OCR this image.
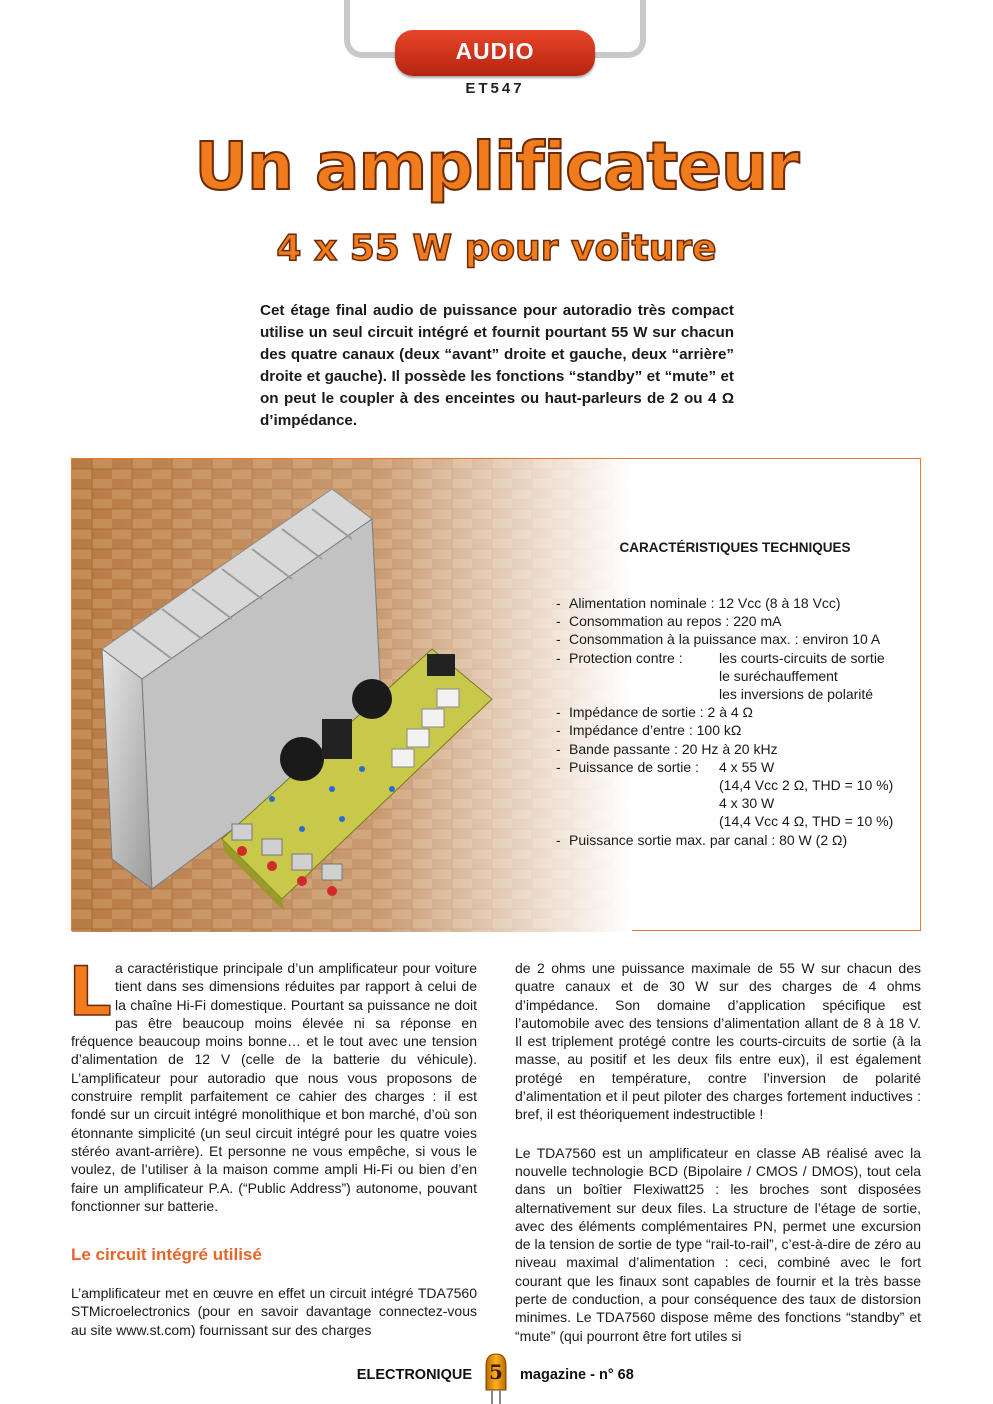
AUDIO
ET547
Un amplificateur
4 x 55 W pour voiture
Cet étage final audio de puissance pour autoradio très compact utilise un seul circuit intégré et fournit pourtant 55 W sur chacun des quatre canaux (deux “avant” droite et gauche, deux “arrière” droite et gauche). Il possède les fonctions “standby” et “mute” et on peut le coupler à des enceintes ou haut-parleurs de 2 ou 4 Ω d’impédance.
CARACTÉRISTIQUES TECHNIQUES
- Alimentation nominale : 12 Vcc (8 à 18 Vcc)
- Consommation au repos : 220 mA
- Consommation à la puissance max. : environ 10 A
- Protection contre :	les courts-circuits de sortie
le suréchauffement
les inversions de polarité
- Impédance de sortie : 2 à 4 Ω
- Impédance d’entre : 100 kΩ
- Bande passante : 20 Hz à 20 kHz
- Puissance de sortie :	4 x 55 W
(14,4 Vcc 2 Ω, THD = 10 %)
4 x 30 W
(14,4 Vcc 4 Ω, THD = 10 %)
- Puissance sortie max. par canal : 80 W (2 Ω)
L a caractéristique principale d’un amplificateur pour voiture tient dans ses dimensions réduites par rapport à celui de la chaîne Hi-Fi domestique. Pourtant sa puissance ne doit pas être beaucoup moins élevée ni sa réponse en fréquence beaucoup moins bonne… et le tout avec une tension d’alimentation de 12 V (celle de la batterie du véhicule). L’amplificateur pour autoradio que nous vous proposons de construire remplit parfaitement ce cahier des charges : il est fondé sur un circuit intégré monolithique et bon marché, d’où son étonnante simplicité (un seul circuit intégré pour les quatre voies stéréo avant-arrière). Et personne ne vous empêche, si vous le voulez, de l’utiliser à la maison comme ampli Hi-Fi ou bien d’en faire un amplificateur P.A. (“Public Address”) autonome, pouvant fonctionner sur batterie.

Le circuit intégré utilisé

L’amplificateur met en œuvre en effet un circuit intégré TDA7560 STMicroelectronics (pour en savoir davantage connectez-vous au site www.st.com) fournissant sur des charges

de 2 ohms une puissance maximale de 55 W sur chacun des quatre canaux et de 30 W sur des charges de 4 ohms d’impédance. Son domaine d’application spécifique est l’automobile avec des tensions d’alimentation allant de 8 à 18 V. Il est triplement protégé contre les courts-circuits de sortie (à la masse, au positif et les deux fils entre eux), il est également protégé en température, contre l’inversion de polarité d’alimentation et il peut piloter des charges fortement inductives : bref, il est théoriquement indestructible !

Le TDA7560 est un amplificateur en classe AB réalisé avec la nouvelle technologie BCD (Bipolaire / CMOS / DMOS), tout cela dans un boîtier Flexiwatt25 : les broches sont disposées alternativement sur deux files. La structure de l’étage de sortie, avec des éléments complémentaires PN, permet une excursion de la tension de sortie de type “rail-to-rail”, c’est-à-dire de zéro au niveau maximal d’alimentation : ceci, combiné avec le fort courant que les finaux sont capables de fournir et la très basse perte de conduction, a pour conséquence des taux de distorsion minimes. Le TDA7560 dispose même des fonctions “standby” et “mute” (qui pourront être fort utiles si

ELECTRONIQUE 5	magazine - n° 68
